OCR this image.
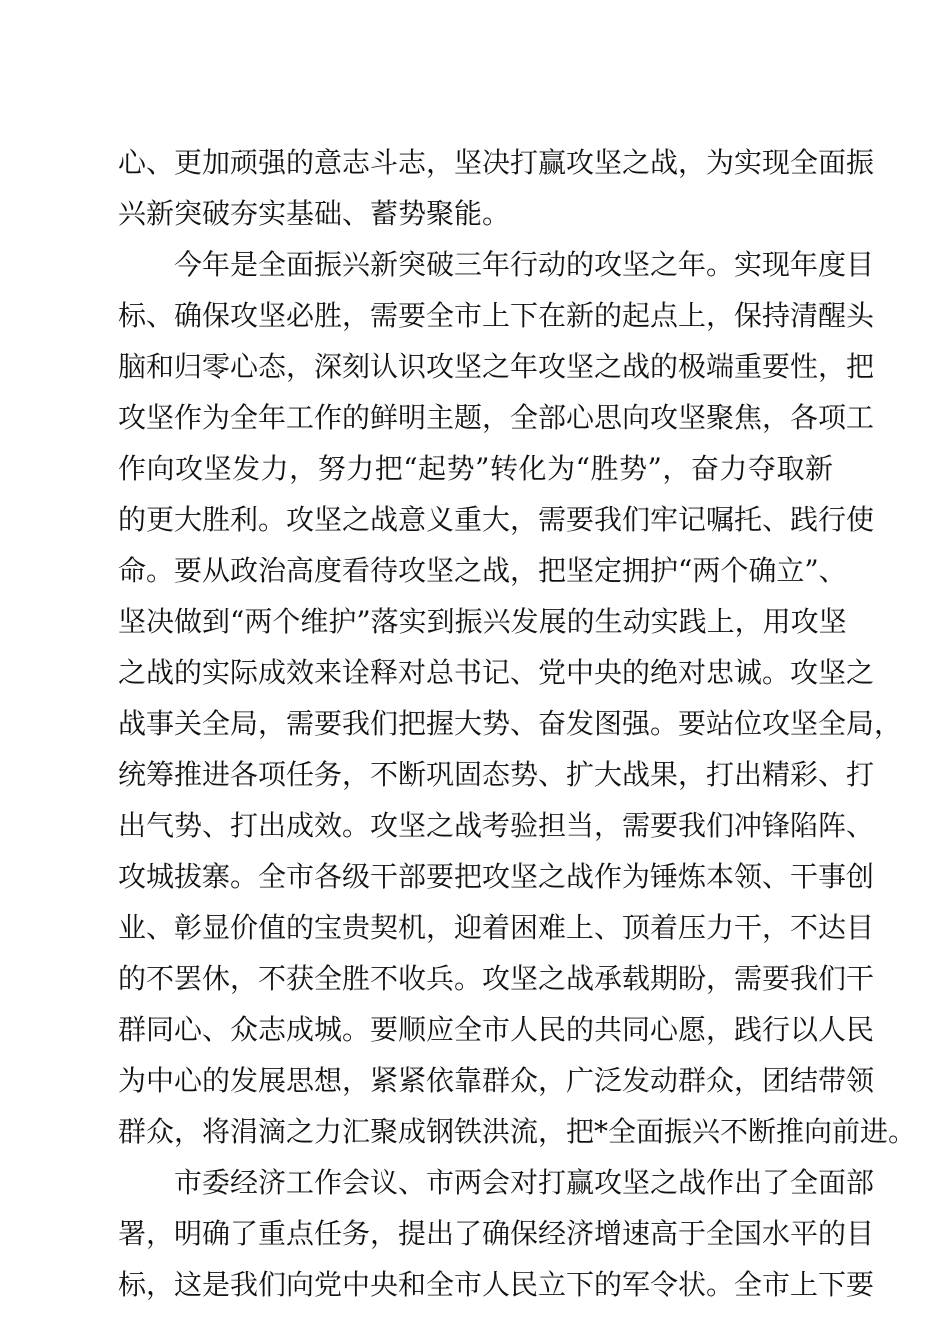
心、更加顽强的意志斗志，坚决打赢攻坚之战，为实现全面振
兴新突破夯实基础、蓄势聚能。
今年是全面振兴新突破三年行动的攻坚之年。实现年度目
标、确保攻坚必胜，需要全市上下在新的起点上，保持清醒头
脑和归零心态，深刻认识攻坚之年攻坚之战的极端重要性，把
攻坚作为全年工作的鲜明主题，全部心思向攻坚聚焦，各项工
作向攻坚发力，努力把“起势”转化为“胜势”，奋力夺取新
的更大胜利。攻坚之战意义重大，需要我们牢记嘱托、践行使
命。要从政治高度看待攻坚之战，把坚定拥护“两个确立”、
坚决做到“两个维护”落实到振兴发展的生动实践上，用攻坚
之战的实际成效来诠释对总书记、党中央的绝对忠诚。攻坚之
战事关全局，需要我们把握大势、奋发图强。要站位攻坚全局，
统筹推进各项任务，不断巩固态势、扩大战果，打出精彩、打
出气势、打出成效。攻坚之战考验担当，需要我们冲锋陷阵、
攻城拔寨。全市各级干部要把攻坚之战作为锤炼本领、干事创
业、彰显价值的宝贵契机，迎着困难上、顶着压力干，不达目
的不罢休，不获全胜不收兵。攻坚之战承载期盼，需要我们干
群同心、众志成城。要顺应全市人民的共同心愿，践行以人民
为中心的发展思想，紧紧依靠群众，广泛发动群众，团结带领
群众，将涓滴之力汇聚成钢铁洪流，把*全面振兴不断推向前进。
市委经济工作会议、市两会对打赢攻坚之战作出了全面部
署，明确了重点任务，提出了确保经济增速高于全国水平的目
标，这是我们向党中央和全市人民立下的军令状。全市上下要
